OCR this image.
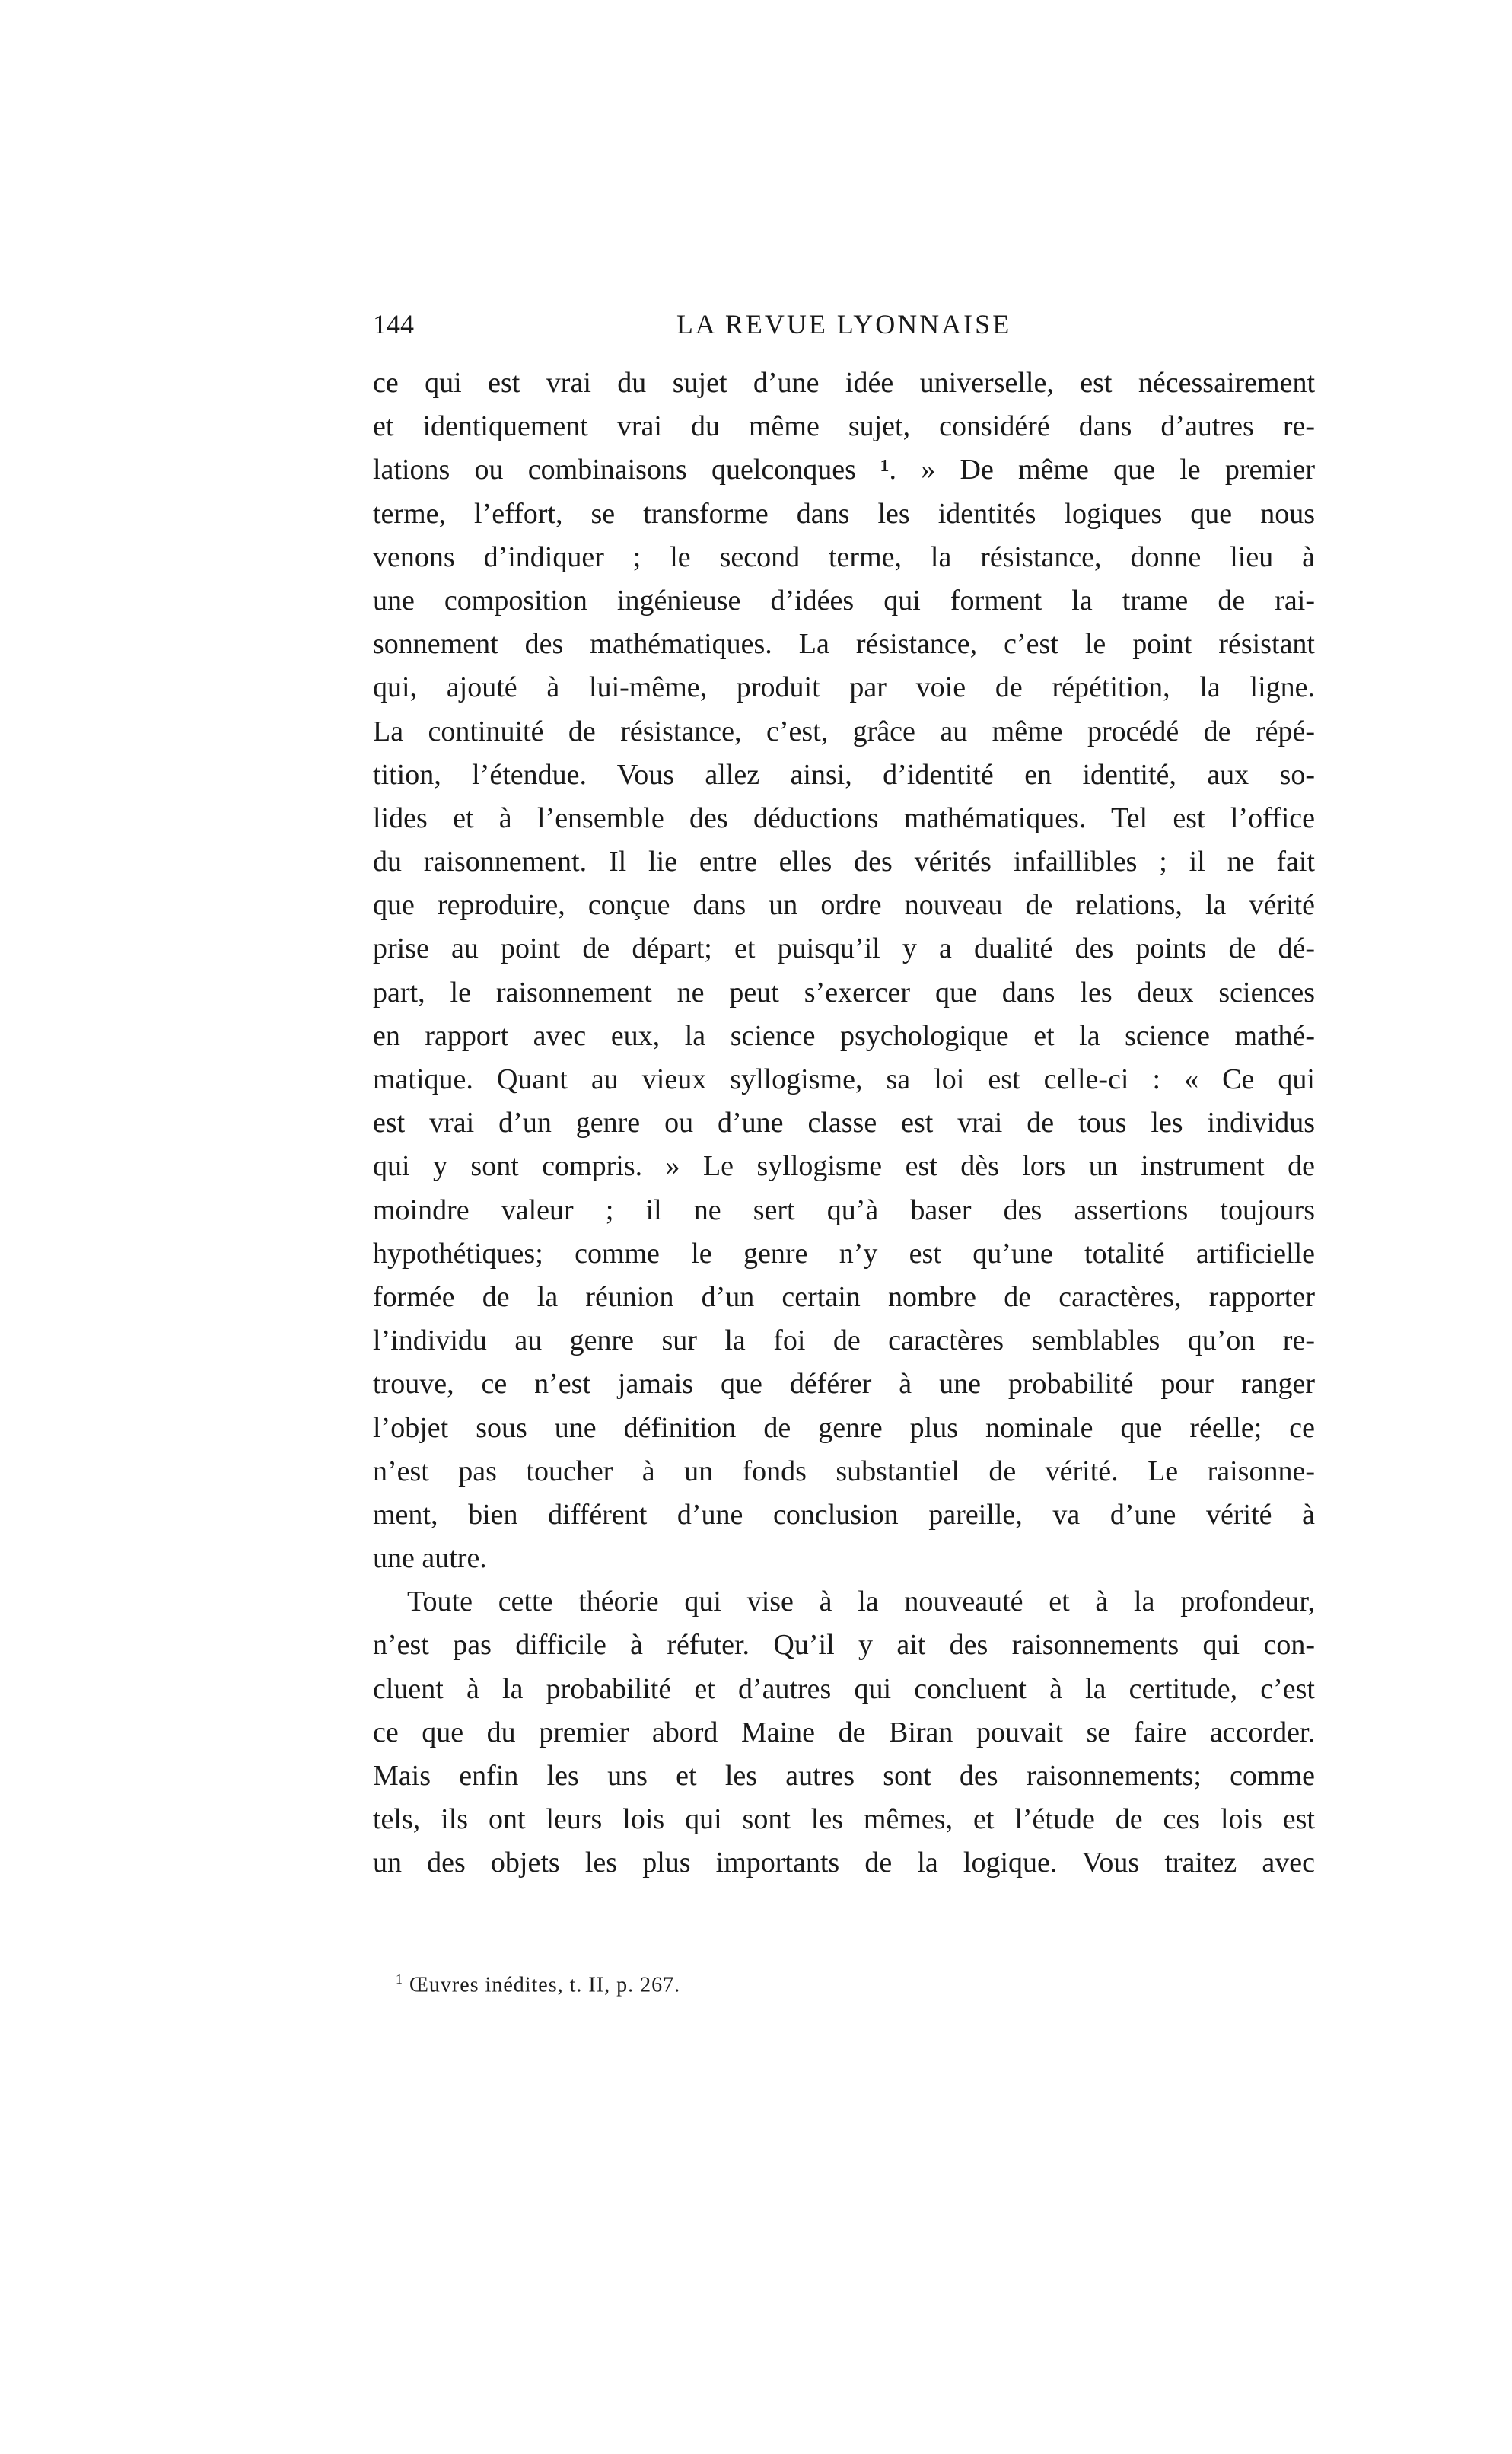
144	LA REVUE LYONNAISE
ce qui est vrai du sujet d’une idée universelle, est nécessairement
et identiquement vrai du même sujet, considéré dans d’autres re-
lations ou combinaisons quelconques ¹. » De même que le premier
terme, l’effort, se transforme dans les identités logiques que nous
venons d’indiquer ; le second terme, la résistance, donne lieu à
une composition ingénieuse d’idées qui forment la trame de rai-
sonnement des mathématiques. La résistance, c’est le point résistant
qui, ajouté à lui-même, produit par voie de répétition, la ligne.
La continuité de résistance, c’est, grâce au même procédé de répé-
tition, l’étendue. Vous allez ainsi, d’identité en identité, aux so-
lides et à l’ensemble des déductions mathématiques. Tel est l’office
du raisonnement. Il lie entre elles des vérités infaillibles ; il ne fait
que reproduire, conçue dans un ordre nouveau de relations, la vérité
prise au point de départ; et puisqu’il y a dualité des points de dé-
part, le raisonnement ne peut s’exercer que dans les deux sciences
en rapport avec eux, la science psychologique et la science mathé-
matique. Quant au vieux syllogisme, sa loi est celle-ci : « Ce qui
est vrai d’un genre ou d’une classe est vrai de tous les individus
qui y sont compris. » Le syllogisme est dès lors un instrument de
moindre valeur ; il ne sert qu’à baser des assertions toujours
hypothétiques; comme le genre n’y est qu’une totalité artificielle
formée de la réunion d’un certain nombre de caractères, rapporter
l’individu au genre sur la foi de caractères semblables qu’on re-
trouve, ce n’est jamais que déférer à une probabilité pour ranger
l’objet sous une définition de genre plus nominale que réelle; ce
n’est pas toucher à un fonds substantiel de vérité. Le raisonne-
ment, bien différent d’une conclusion pareille, va d’une vérité à
une autre.
Toute cette théorie qui vise à la nouveauté et à la profondeur,
n’est pas difficile à réfuter. Qu’il y ait des raisonnements qui con-
cluent à la probabilité et d’autres qui concluent à la certitude, c’est
ce que du premier abord Maine de Biran pouvait se faire accorder.
Mais enfin les uns et les autres sont des raisonnements; comme
tels, ils ont leurs lois qui sont les mêmes, et l’étude de ces lois est
un des objets les plus importants de la logique. Vous traitez avec
$^1$ Œuvres inédites, t. II, p. 267.
